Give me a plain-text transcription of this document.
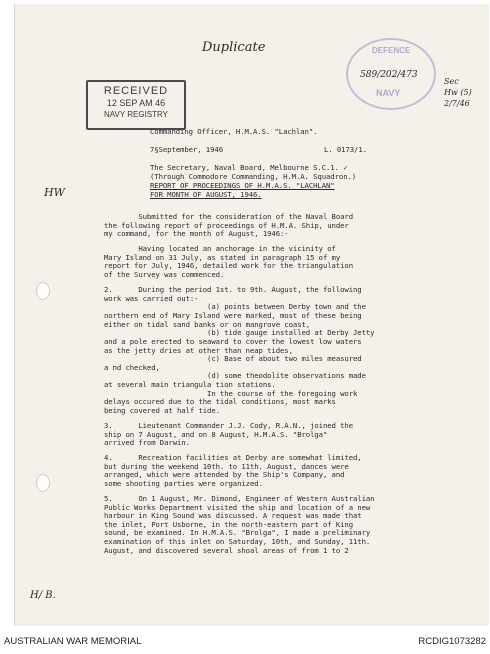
Duplicate
RECEIVED
12 SEP AM 46
NAVY REGISTRY
DEFENCE
NAVY
589/202/473
Sec
Hw (5)
2/7/46
HW
H/ B.
Commanding Officer, H.M.A.S. "Lachlan".
7§September, 1946	L. 0173/1.
The Secretary, Naval Board, Melbourne S.C.1. ✓
(Through Commodore Commanding, H.M.A. Squadron.)
REPORT OF PROCEEDINGS OF H.M.A.S. "LACHLAN"
FOR MONTH OF AUGUST, 1946.
Submitted for the consideration of the Naval Board
the following report of proceedings of H.M.A. Ship, under
my command, for the month of August, 1946:-
Having located an anchorage in the vicinity of
Mary Island on 31 July, as stated in paragraph 15 of my
report for July, 1946, detailed work for the triangulation
of the Survey was commenced.
2.      During the period 1st. to 9th. August, the following
work was carried out:-
(a) points between Derby town and the
northern end of Mary Island were marked, most of these being
either on tidal sand banks or on mangrove coast,
(b) tide gauge installed at Derby Jetty
and a pole erected to seaward to cover the lowest low waters
as the jetty dries at other than neap tides,
(c) Base of about two miles measured
a nd checked,
(d) some theodolite observations made
at several main triangula tion stations.
In the course of the foregoing work
delays occured due to the tidal conditions, most marks
being covered at half tide.
3.      Lieutenant Commander J.J. Cody, R.A.N., joined the
ship on 7 August, and on 8 August, H.M.A.S. "Brolga"
arrived from Darwin.
4.      Recreation facilities at Derby are somewhat limited,
but during the weekend 10th. to 11th. August, dances were
arranged, which were attended by the Ship's Company, and
some shooting parties were organized.
5.      On 1 August, Mr. Dimond, Engineer of Western Australian
Public Works Department visited the ship and location of a new
harbour in King Sound was discussed. A request was made that
the inlet, Port Usborne, in the north-eastern part of King
sound, be examined. In H.M.A.S. "Brolga", I made a preliminary
examination of this inlet on Saturday, 10th, and Sunday, 11th.
August, and discovered several shoal areas of from 1 to 2
AUSTRALIAN WAR MEMORIAL	RCDIG1073282
